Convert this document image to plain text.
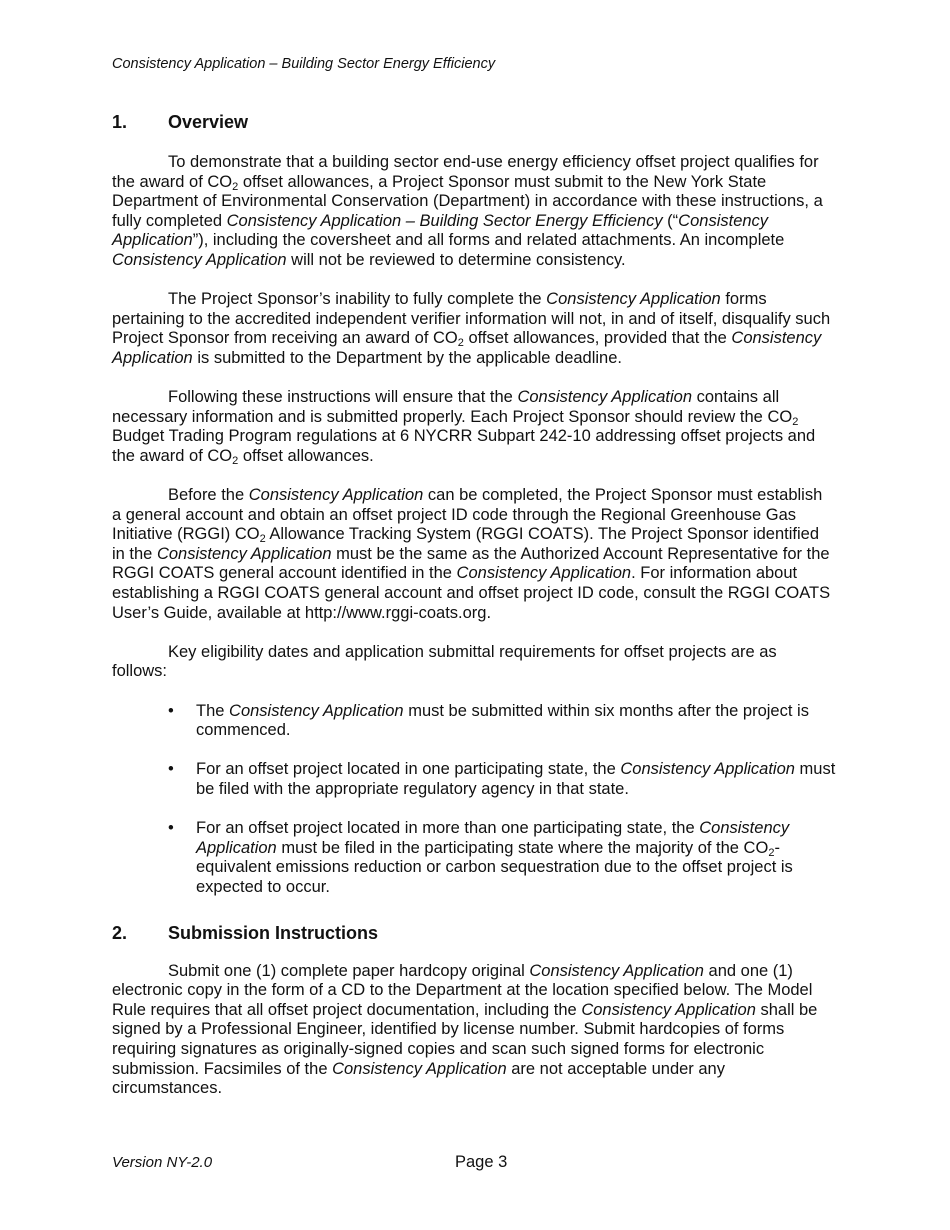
Consistency Application – Building Sector Energy Efficiency
1. Overview

To demonstrate that a building sector end-use energy efficiency offset project qualifies for the award of $CO_2$ offset allowances, a Project Sponsor must submit to the New York State Department of Environmental Conservation (Department) in accordance with these instructions, a fully completed Consistency Application – Building Sector Energy Efficiency (“Consistency Application”), including the coversheet and all forms and related attachments. An incomplete Consistency Application will not be reviewed to determine consistency.

The Project Sponsor’s inability to fully complete the Consistency Application forms pertaining to the accredited independent verifier information will not, in and of itself, disqualify such Project Sponsor from receiving an award of $CO_2$ offset allowances, provided that the Consistency Application is submitted to the Department by the applicable deadline.

Following these instructions will ensure that the Consistency Application contains all necessary information and is submitted properly. Each Project Sponsor should review the $CO_2$ Budget Trading Program regulations at 6 NYCRR Subpart 242-10 addressing offset projects and the award of $CO_2$ offset allowances.

Before the Consistency Application can be completed, the Project Sponsor must establish a general account and obtain an offset project ID code through the Regional Greenhouse Gas Initiative (RGGI) $CO_2$ Allowance Tracking System (RGGI COATS). The Project Sponsor identified in the Consistency Application must be the same as the Authorized Account Representative for the RGGI COATS general account identified in the Consistency Application. For information about establishing a RGGI COATS general account and offset project ID code, consult the RGGI COATS User’s Guide, available at http://www.rggi-coats.org.

Key eligibility dates and application submittal requirements for offset projects are as follows:

• The Consistency Application must be submitted within six months after the project is commenced.
• For an offset project located in one participating state, the Consistency Application must be filed with the appropriate regulatory agency in that state.
• For an offset project located in more than one participating state, the Consistency Application must be filed in the participating state where the majority of the $CO_2$-equivalent emissions reduction or carbon sequestration due to the offset project is expected to occur.
2. Submission Instructions

Submit one (1) complete paper hardcopy original Consistency Application and one (1) electronic copy in the form of a CD to the Department at the location specified below. The Model Rule requires that all offset project documentation, including the Consistency Application shall be signed by a Professional Engineer, identified by license number. Submit hardcopies of forms requiring signatures as originally-signed copies and scan such signed forms for electronic submission. Facsimiles of the Consistency Application are not acceptable under any circumstances.

Version NY-2.0	Page 3
